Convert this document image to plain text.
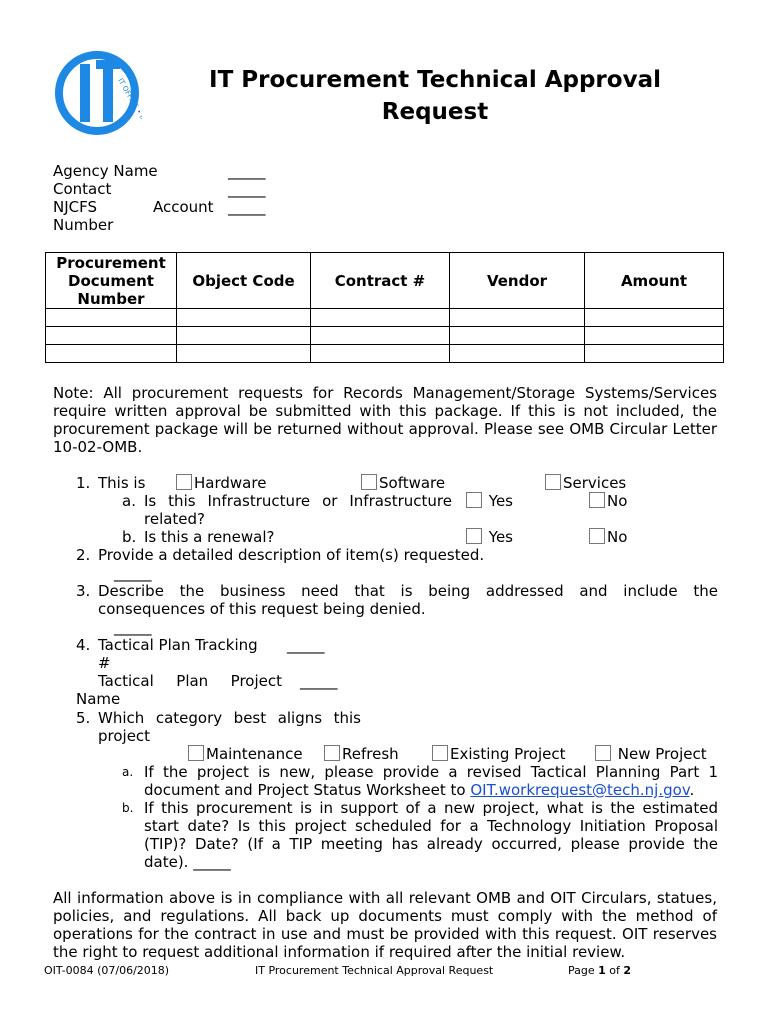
IT Procurement Technical Approval
Request
Agency Name	_____
Contact	_____
NJCFS	Account _____
Number
Procurement Document Number	Object Code	Contract #	Vendor	Amount

Note: All procurement requests for Records Management/Storage Systems/Services require written approval be submitted with this package. If this is not included, the procurement package will be returned without approval. Please see OMB Circular Letter 10-02-OMB.
1. This is	Hardware	Software	Services
a. Is this Infrastructure or Infrastructure
related?
Yes	No
b. Is this a renewal?	Yes	No
2. Provide a detailed description of item(s) requested.
_____
3. Describe the business need that is being addressed and include the consequences of this request being denied.
_____
4. Tactical Plan Tracking _____
#
Tactical Plan Project _____
Name
5. Which category best aligns this
project
Maintenance	Refresh	Existing Project	New Project
a. If the project is new, please provide a revised Tactical Planning Part 1 document and Project Status Worksheet to OIT.workrequest@tech.nj.gov.
b. If this procurement is in support of a new project, what is the estimated start date? Is this project scheduled for a Technology Initiation Proposal (TIP)? Date? (If a TIP meeting has already occurred, please provide the date). _____
All information above is in compliance with all relevant OMB and OIT Circulars, statues, policies, and regulations. All back up documents must comply with the method of operations for the contract in use and must be provided with this request. OIT reserves the right to request additional information if required after the initial review.
OIT-0084 (07/06/2018)	IT Procurement Technical Approval Request	Page 1 of 2
